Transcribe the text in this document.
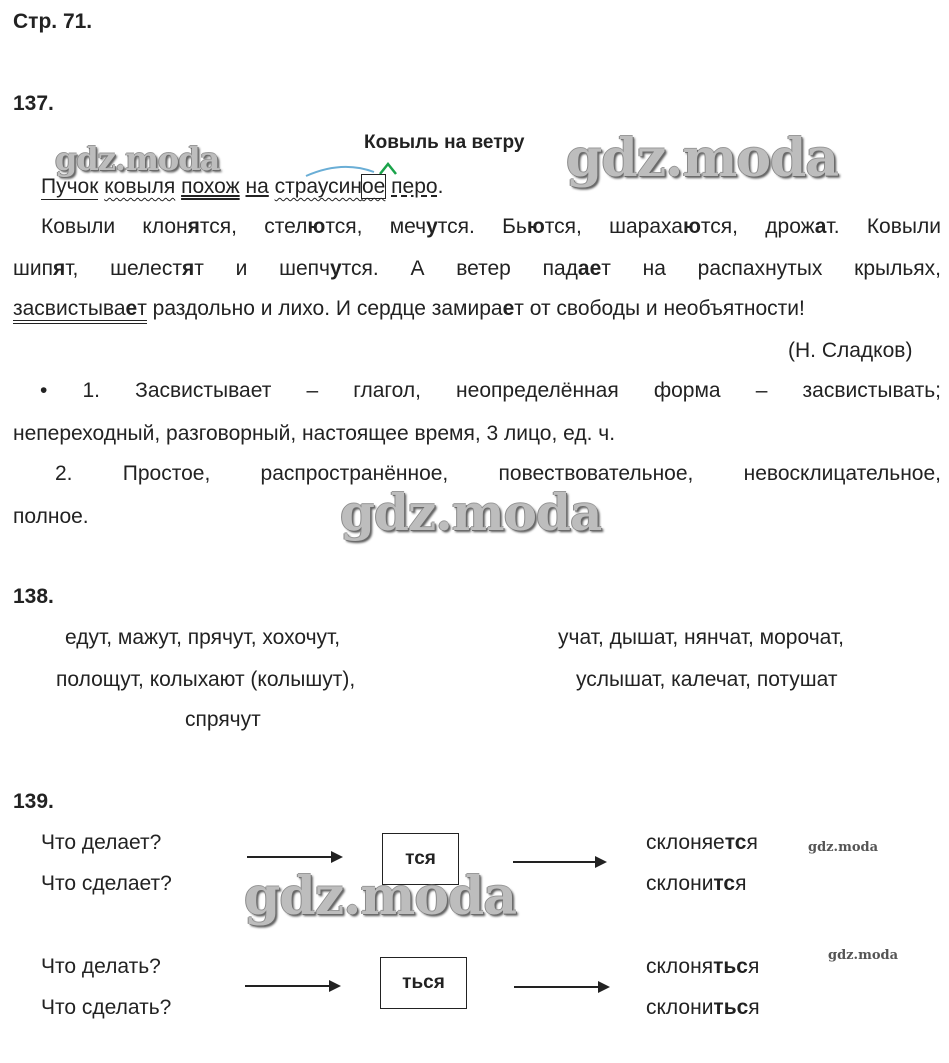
Стр. 71.
137.
Ковыль на ветру
Пучок ковыля похож на страусиное перо.
Ковыли клонятся, стелются, мечутся. Бьются, шарахаются, дрожат. Ковыли
шипят, шелестят и шепчутся. А ветер падает на распахнутых крыльях,
засвистывает раздольно и лихо. И сердце замирает от свободы и необъятности!
(Н. Сладков)
• 1. Засвистывает – глагол, неопределённая форма – засвистывать;
непереходный, разговорный, настоящее время, 3 лицо, ед. ч.
2. Простое, распространённое, повествовательное, невосклицательное,
полное.
138.
едут, мажут, прячут, хохочут,
полощут, колыхают (колышут),
спрячут
учат, дышат, нянчат, морочат,
услышат, калечат, потушат
139.
Что делает?
Что сделает?
тся
склоняется
склонится
Что делать?
Что сделать?
ться
склоняться
склониться
gdz.moda	gdz.moda
gdz.moda
gdz.moda
gdz.moda
gdz.moda
